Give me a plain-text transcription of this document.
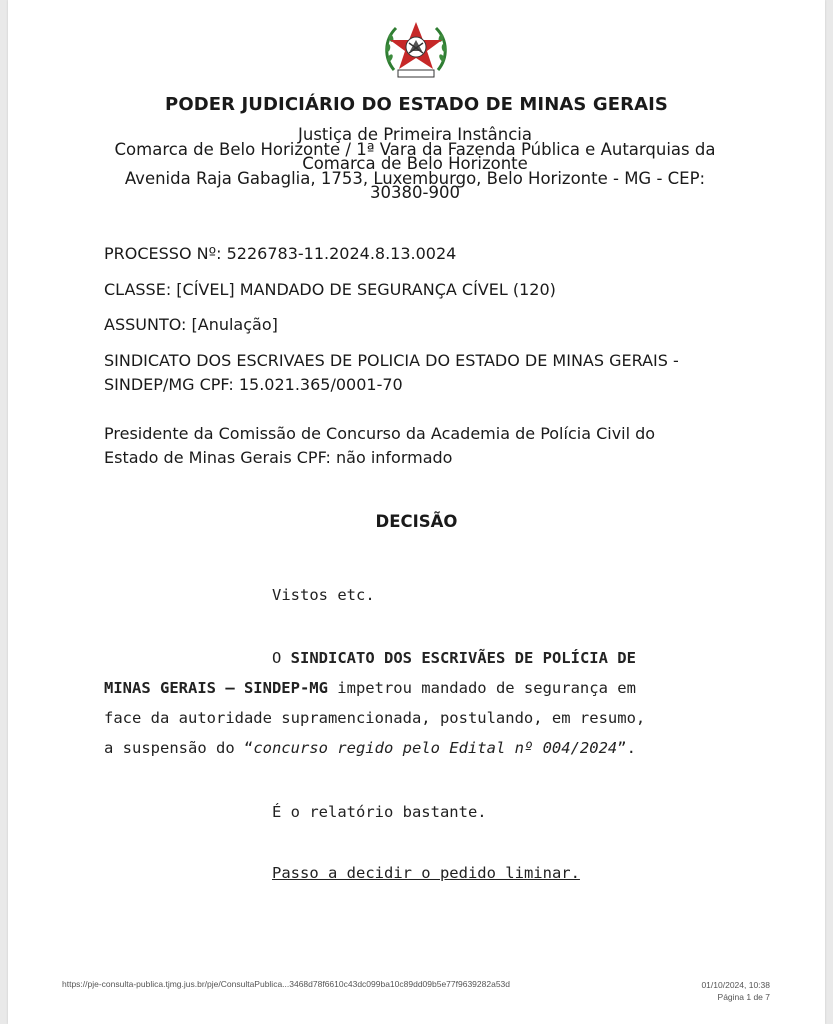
PODER JUDICIÁRIO DO ESTADO DE MINAS GERAIS
Justiça de Primeira Instância
Comarca de Belo Horizonte / 1ª Vara da Fazenda Pública e Autarquias da
Comarca de Belo Horizonte
Avenida Raja Gabaglia, 1753, Luxemburgo, Belo Horizonte - MG - CEP:
30380-900
PROCESSO Nº: 5226783-11.2024.8.13.0024
CLASSE: [CÍVEL] MANDADO DE SEGURANÇA CÍVEL (120)
ASSUNTO: [Anulação]
SINDICATO DOS ESCRIVAES DE POLICIA DO ESTADO DE MINAS GERAIS -
SINDEP/MG CPF: 15.021.365/0001-70
Presidente da Comissão de Concurso da Academia de Polícia Civil do
Estado de Minas Gerais CPF: não informado
DECISÃO
Vistos etc.
O SINDICATO DOS ESCRIVÃES DE POLÍCIA DE
MINAS GERAIS – SINDEP-MG impetrou mandado de segurança em
face da autoridade supramencionada, postulando, em resumo,
a suspensão do “concurso regido pelo Edital nº 004/2024”.
É o relatório bastante.
Passo a decidir o pedido liminar.
https://pje-consulta-publica.tjmg.jus.br/pje/ConsultaPublica...3468d78f6610c43dc099ba10c89dd09b5e77f9639282a53d	01/10/2024, 10:38
Página 1 de 7
